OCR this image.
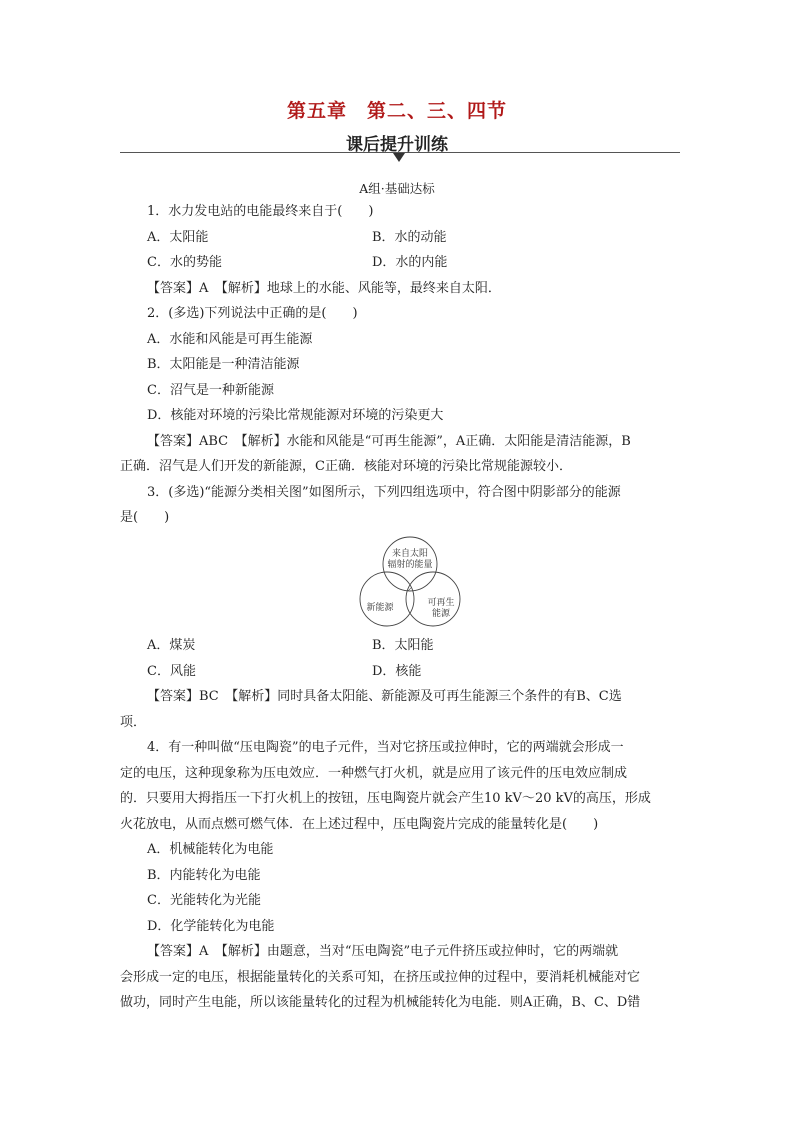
第五章　第二、三、四节
课后提升训练
A组·基础达标
1．水力发电站的电能最终来自于(　　)
A．太阳能	B．水的动能
C．水的势能	D．水的内能
【答案】A　【解析】地球上的水能、风能等，最终来自太阳．
2．(多选)下列说法中正确的是(　　)
A．水能和风能是可再生能源
B．太阳能是一种清洁能源
C．沼气是一种新能源
D．核能对环境的污染比常规能源对环境的污染更大
【答案】ABC　【解析】水能和风能是“可再生能源”，A正确．太阳能是清洁能源，B
正确．沼气是人们开发的新能源，C正确．核能对环境的污染比常规能源较小．
3．(多选)“能源分类相关图”如图所示，下列四组选项中，符合图中阴影部分的能源
是(　　)
来自太阳
辐射的能量
新能源	可再生
能源
A．煤炭	B．太阳能
C．风能	D．核能
【答案】BC　【解析】同时具备太阳能、新能源及可再生能源三个条件的有B、C选
项．
4．有一种叫做“压电陶瓷”的电子元件，当对它挤压或拉伸时，它的两端就会形成一
定的电压，这种现象称为压电效应．一种燃气打火机，就是应用了该元件的压电效应制成
的．只要用大拇指压一下打火机上的按钮，压电陶瓷片就会产生10 kV～20 kV的高压，形成
火花放电，从而点燃可燃气体．在上述过程中，压电陶瓷片完成的能量转化是(　　)
A．机械能转化为电能
B．内能转化为电能
C．光能转化为光能
D．化学能转化为电能
【答案】A　【解析】由题意，当对“压电陶瓷”电子元件挤压或拉伸时，它的两端就
会形成一定的电压，根据能量转化的关系可知，在挤压或拉伸的过程中，要消耗机械能对它
做功，同时产生电能，所以该能量转化的过程为机械能转化为电能．则A正确，B、C、D错
